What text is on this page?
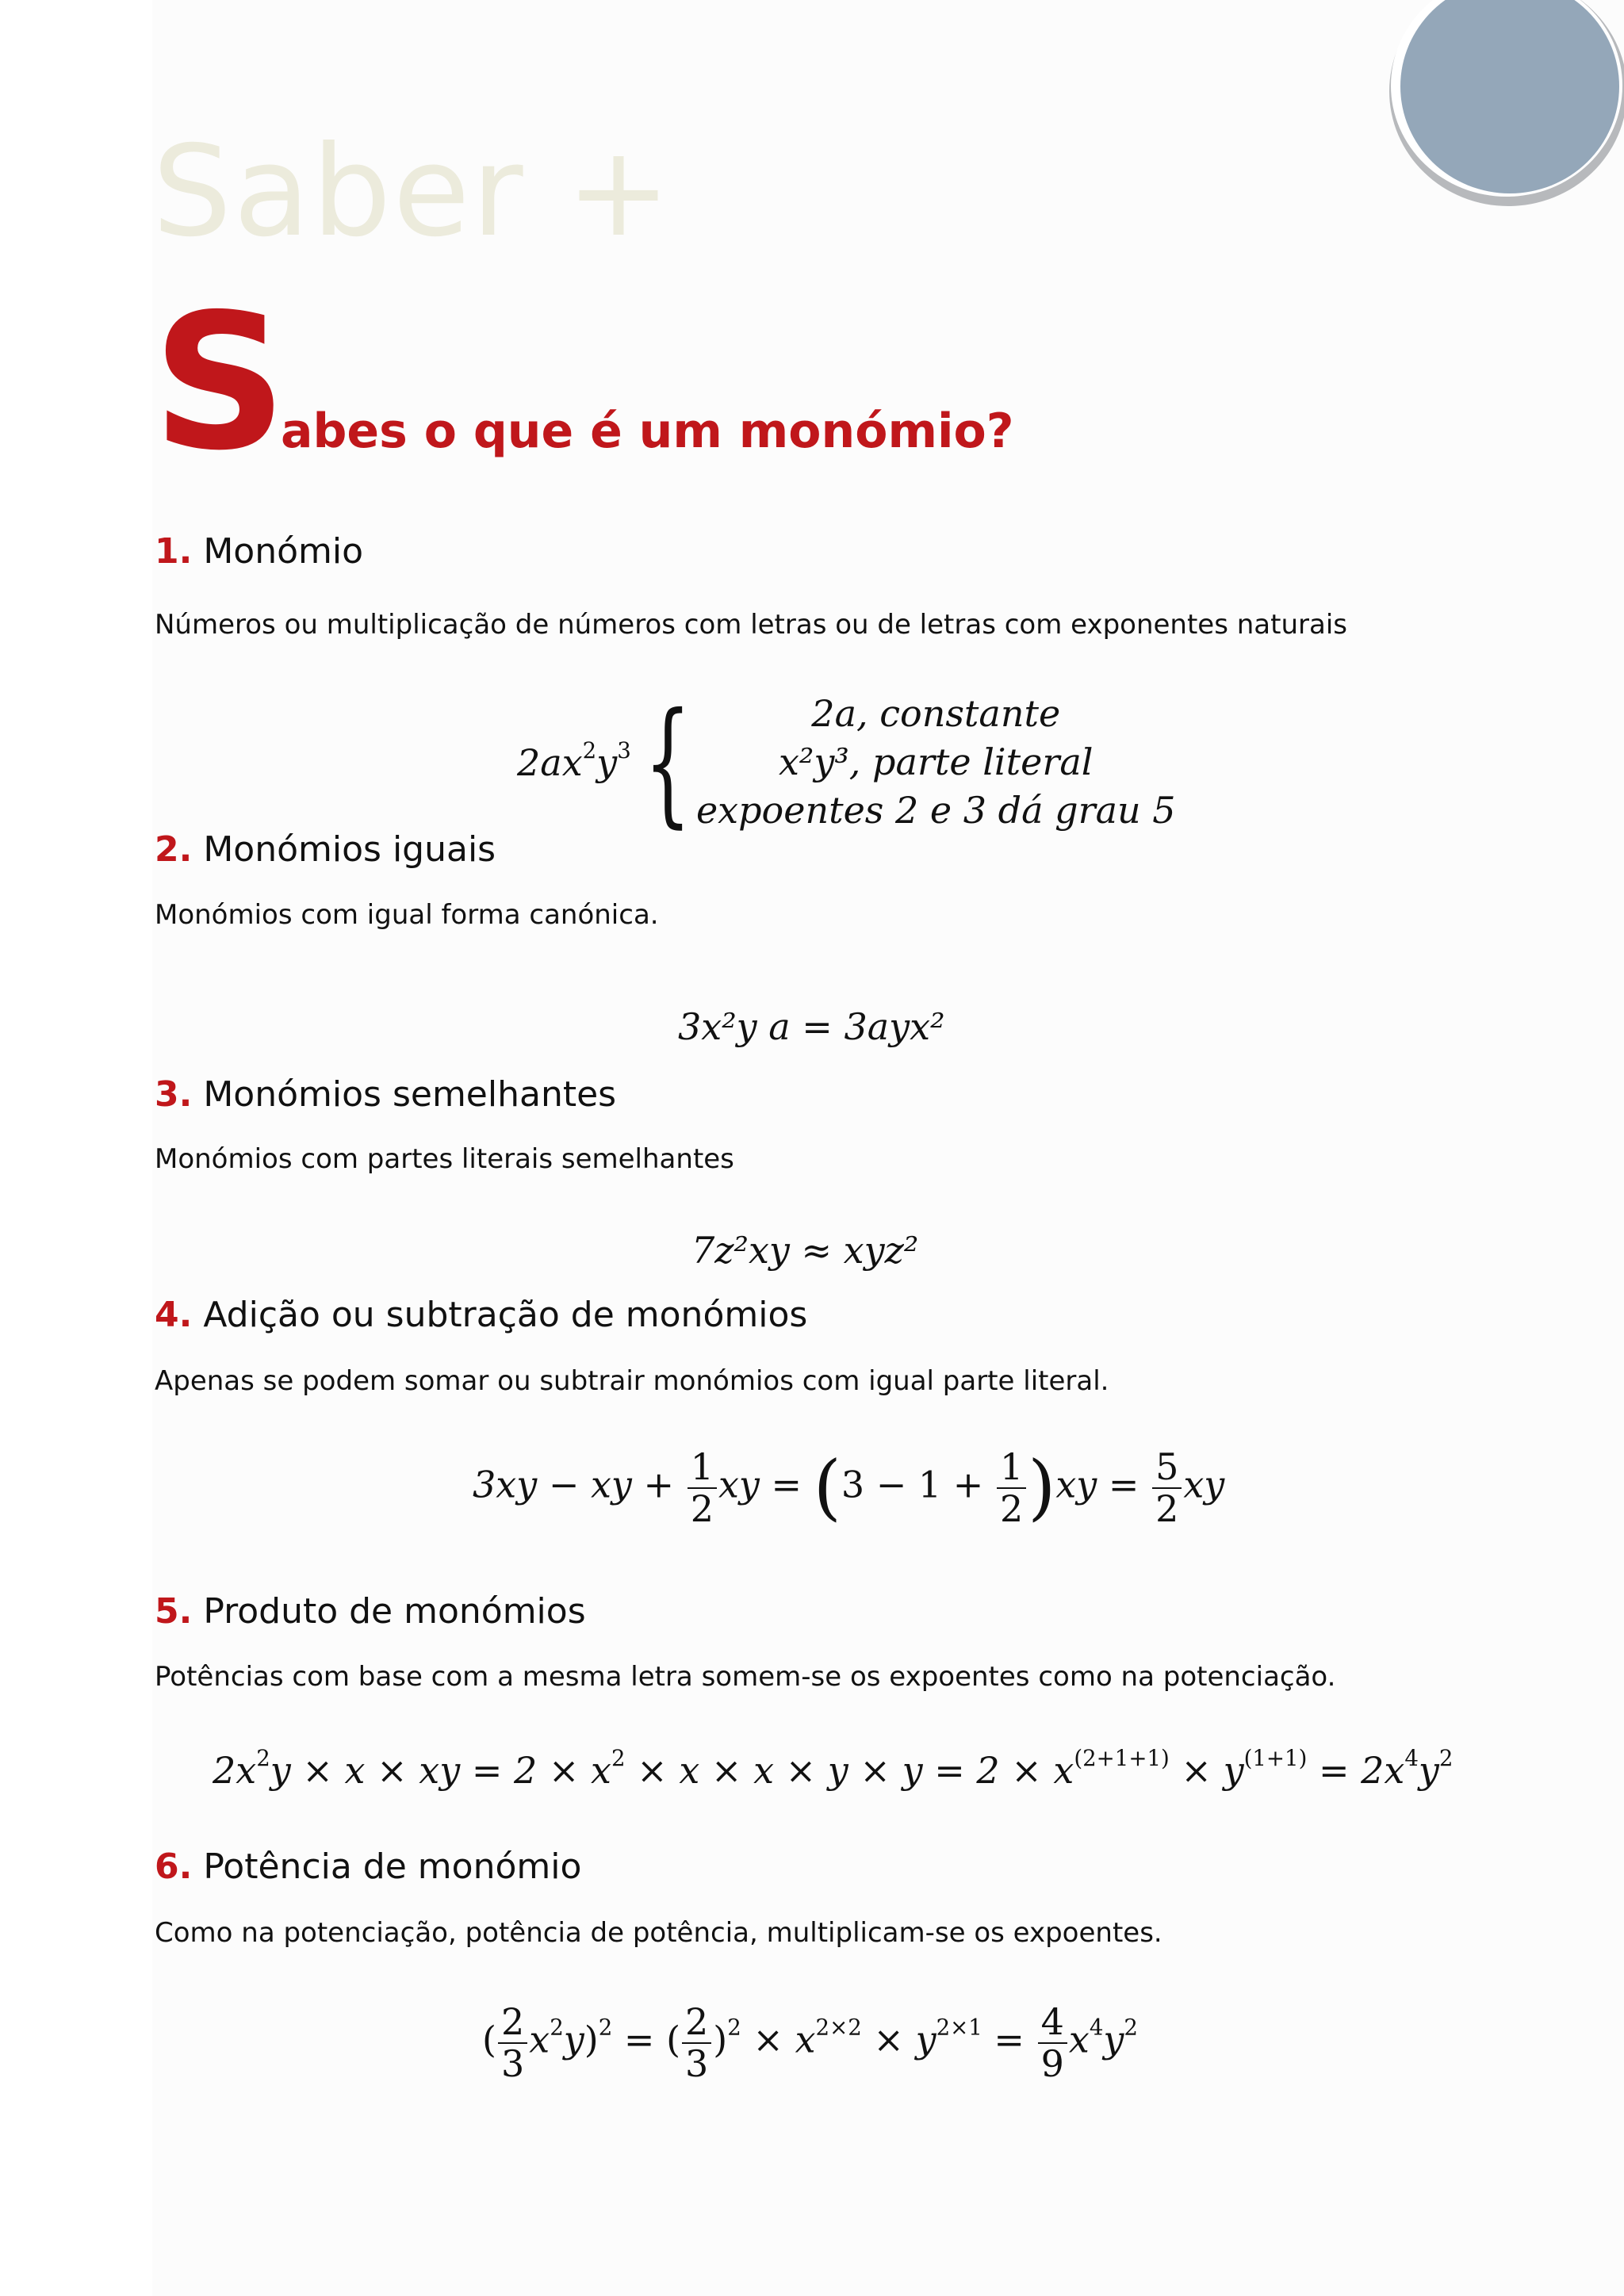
Saber +
Sabes o que é um monómio?
1. Monómio
Números ou multiplicação de números com letras ou de letras com exponentes naturais
$2ax^2y^3$ {	2a, constante
x²y³, parte literal
expoentes 2 e 3 dá grau 5
2. Monómios iguais
Monómios com igual forma canónica.
3x²y a = 3ayx²
3. Monómios semelhantes
Monómios com partes literais semelhantes
7z²xy ≈ xyz²
4. Adição ou subtração de monómios
Apenas se podem somar ou subtrair monómios com igual parte literal.
3xy − xy + $\frac{1}{2}$ xy = $(3 - 1 + \frac{1}{2} )xy = \frac{5}{2}$ xy
5. Produto de monómios
Potências com base com a mesma letra somem-se os expoentes como na potenciação.
$2x^2y \times x$ × xy = $2 \times x^2 \times x \times x \times y \times y = 2 \times x^{(2+1+1)} \times y^{(1+1)} = 2x^4y^2$
6. Potência de monómio
Como na potenciação, potência de potência, multiplicam-se os expoentes.
( $\frac{2}{3} x^2y)^2$ = ( $\frac{2}{3} )^2 \times x^{2\times 2} \times y^{2\times 1} = \frac{4}{9} x^4y^2$
